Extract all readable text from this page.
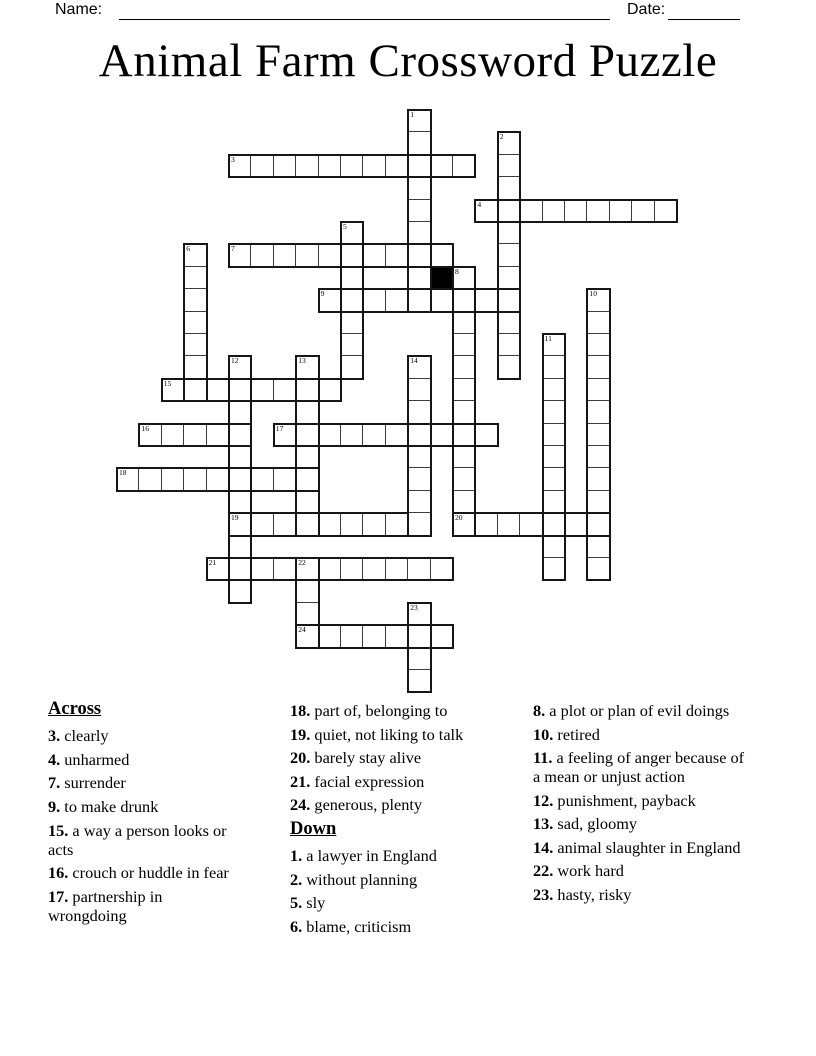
Name:	Date:
Animal Farm Crossword Puzzle
1
2
3
4
5
6	7
8
20
9	10
11
12
19
13	14
15
16	17
18
21	22
24
23
Across
3. clearly
4. unharmed
7. surrender
9. to make drunk
15. a way a person looks or acts
16. crouch or huddle in fear
17. partnership in wrongdoing
18. part of, belonging to
19. quiet, not liking to talk
20. barely stay alive
21. facial expression
24. generous, plenty
Down
1. a lawyer in England
2. without planning
5. sly
6. blame, criticism
8. a plot or plan of evil doings
10. retired
11. a feeling of anger because of a mean or unjust action
12. punishment, payback
13. sad, gloomy
14. animal slaughter in England
22. work hard
23. hasty, risky
